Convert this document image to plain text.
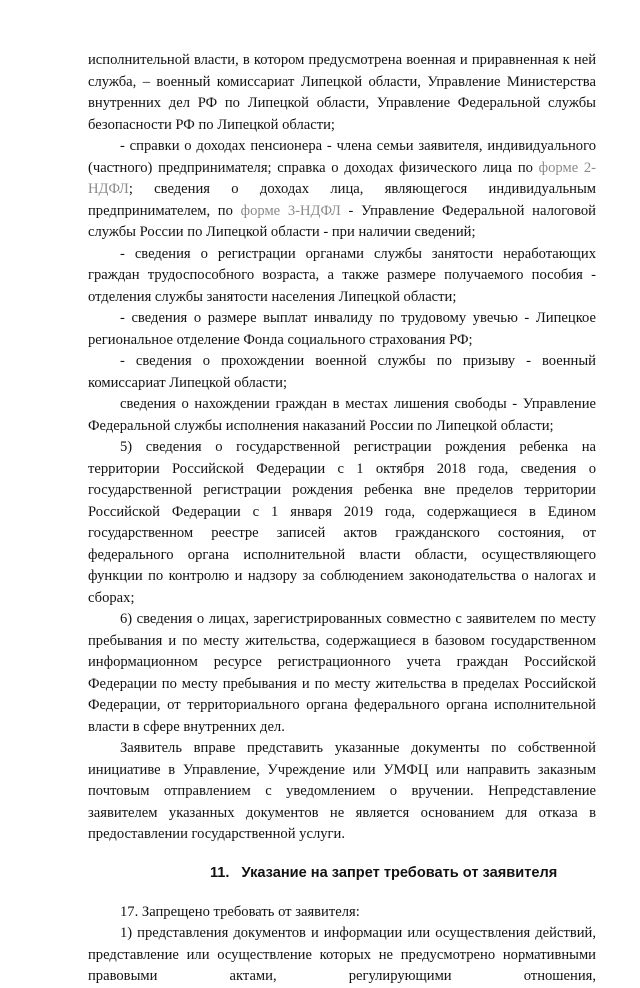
исполнительной власти, в котором предусмотрена военная и приравненная к ней служба, – военный комиссариат Липецкой области, Управление Министерства внутренних дел РФ по Липецкой области, Управление Федеральной службы безопасности РФ по Липецкой области;

- справки о доходах пенсионера - члена семьи заявителя, индивидуального (частного) предпринимателя; справка о доходах физического лица по форме 2-НДФЛ; сведения о доходах лица, являющегося индивидуальным предпринимателем, по форме 3-НДФЛ - Управление Федеральной налоговой службы России по Липецкой области - при наличии сведений;

- сведения о регистрации органами службы занятости неработающих граждан трудоспособного возраста, а также размере получаемого пособия - отделения службы занятости населения Липецкой области;

- сведения о размере выплат инвалиду по трудовому увечью - Липецкое региональное отделение Фонда социального страхования РФ;

- сведения о прохождении военной службы по призыву - военный комиссариат Липецкой области;

сведения о нахождении граждан в местах лишения свободы - Управление Федеральной службы исполнения наказаний России по Липецкой области;

5) сведения о государственной регистрации рождения ребенка на территории Российской Федерации с 1 октября 2018 года, сведения о государственной регистрации рождения ребенка вне пределов территории Российской Федерации с 1 января 2019 года, содержащиеся в Едином государственном реестре записей актов гражданского состояния, от федерального органа исполнительной власти области, осуществляющего функции по контролю и надзору за соблюдением законодательства о налогах и сборах;

6) сведения о лицах, зарегистрированных совместно с заявителем по месту пребывания и по месту жительства, содержащиеся в базовом государственном информационном ресурсе регистрационного учета граждан Российской Федерации по месту пребывания и по месту жительства в пределах Российской Федерации, от территориального органа федерального органа исполнительной власти в сфере внутренних дел.

Заявитель вправе представить указанные документы по собственной инициативе в Управление, Учреждение или УМФЦ или направить заказным почтовым отправлением с уведомлением о вручении. Непредставление заявителем указанных документов не является основанием для отказа в предоставлении государственной услуги.

11. Указание на запрет требовать от заявителя

17. Запрещено требовать от заявителя:

1) представления документов и информации или осуществления действий, представление или осуществление которых не предусмотрено нормативными правовыми актами, регулирующими отношения,
